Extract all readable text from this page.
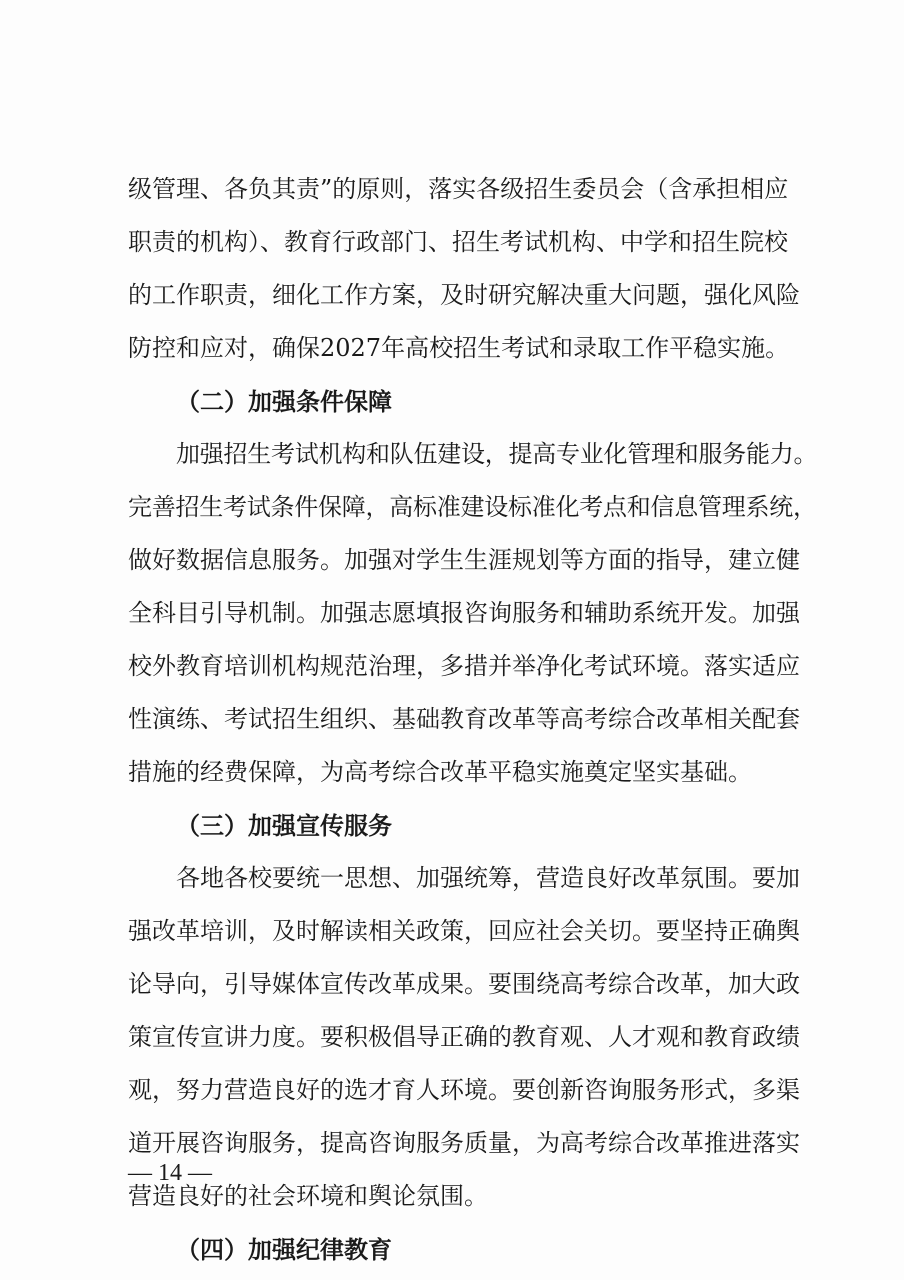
级管理、各负其责”的原则，落实各级招生委员会（含承担相应
职责的机构）、教育行政部门、招生考试机构、中学和招生院校
的工作职责，细化工作方案，及时研究解决重大问题，强化风险
防控和应对，确保2027年高校招生考试和录取工作平稳实施。
（二）加强条件保障
加强招生考试机构和队伍建设，提高专业化管理和服务能力。
完善招生考试条件保障，高标准建设标准化考点和信息管理系统，
做好数据信息服务。加强对学生生涯规划等方面的指导，建立健
全科目引导机制。加强志愿填报咨询服务和辅助系统开发。加强
校外教育培训机构规范治理，多措并举净化考试环境。落实适应
性演练、考试招生组织、基础教育改革等高考综合改革相关配套
措施的经费保障，为高考综合改革平稳实施奠定坚实基础。
（三）加强宣传服务
各地各校要统一思想、加强统筹，营造良好改革氛围。要加
强改革培训，及时解读相关政策，回应社会关切。要坚持正确舆
论导向，引导媒体宣传改革成果。要围绕高考综合改革，加大政
策宣传宣讲力度。要积极倡导正确的教育观、人才观和教育政绩
观，努力营造良好的选才育人环境。要创新咨询服务形式，多渠
道开展咨询服务，提高咨询服务质量，为高考综合改革推进落实
营造良好的社会环境和舆论氛围。
（四）加强纪律教育
— 14 —
